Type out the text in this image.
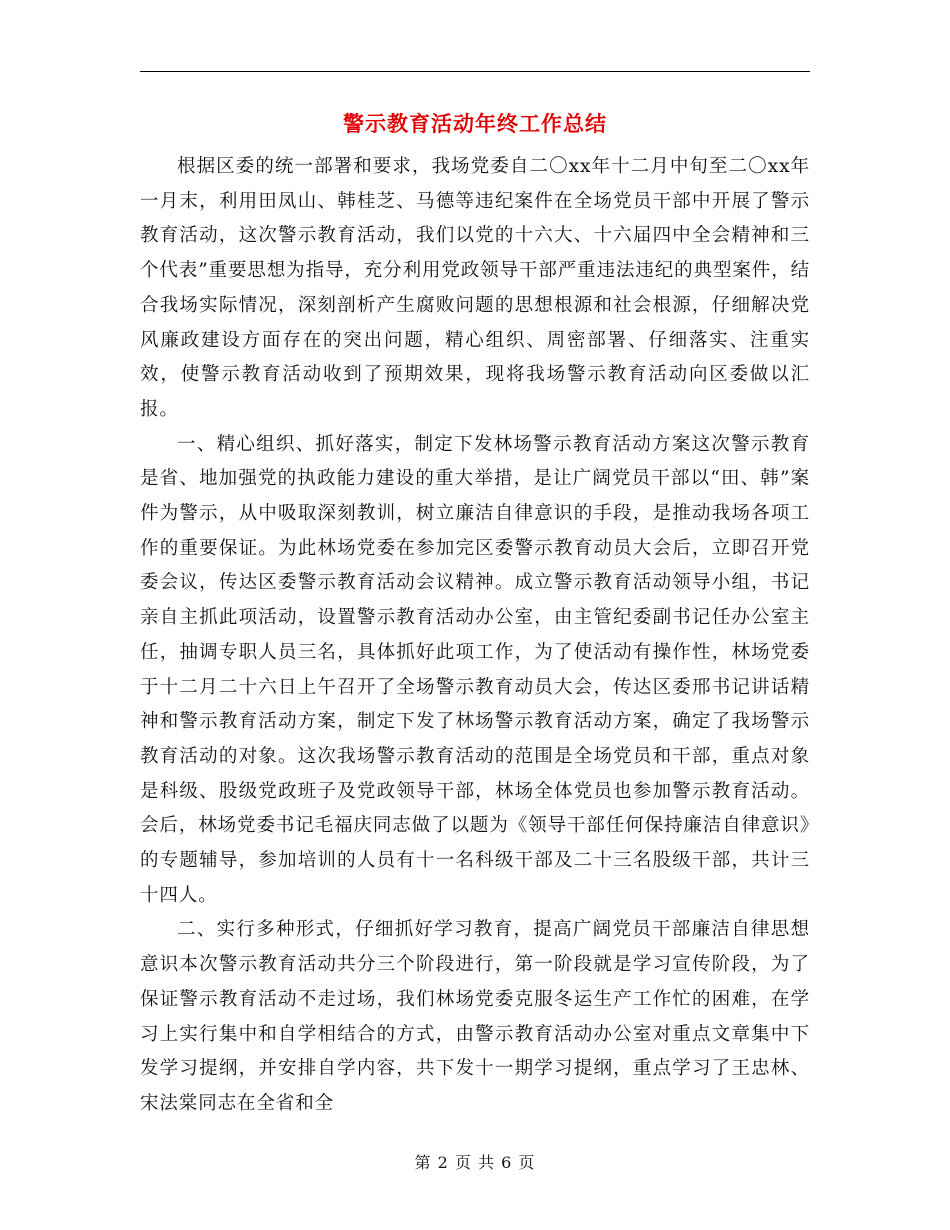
警示教育活动年终工作总结

根据区委的统一部署和要求，我场党委自二〇xx年十二月中旬至二〇xx年一月末，利用田凤山、韩桂芝、马德等违纪案件在全场党员干部中开展了警示教育活动，这次警示教育活动，我们以党的十六大、十六届四中全会精神和三个代表”重要思想为指导，充分利用党政领导干部严重违法违纪的典型案件，结合我场实际情况，深刻剖析产生腐败问题的思想根源和社会根源，仔细解决党风廉政建设方面存在的突出问题，精心组织、周密部署、仔细落实、注重实效，使警示教育活动收到了预期效果，现将我场警示教育活动向区委做以汇报。

一、精心组织、抓好落实，制定下发林场警示教育活动方案这次警示教育是省、地加强党的执政能力建设的重大举措，是让广阔党员干部以“田、韩”案件为警示，从中吸取深刻教训，树立廉洁自律意识的手段，是推动我场各项工作的重要保证。为此林场党委在参加完区委警示教育动员大会后，立即召开党委会议，传达区委警示教育活动会议精神。成立警示教育活动领导小组，书记亲自主抓此项活动，设置警示教育活动办公室，由主管纪委副书记任办公室主任，抽调专职人员三名，具体抓好此项工作，为了使活动有操作性，林场党委于十二月二十六日上午召开了全场警示教育动员大会，传达区委邢书记讲话精神和警示教育活动方案，制定下发了林场警示教育活动方案，确定了我场警示教育活动的对象。这次我场警示教育活动的范围是全场党员和干部，重点对象是科级、股级党政班子及党政领导干部，林场全体党员也参加警示教育活动。会后，林场党委书记毛福庆同志做了以题为《领导干部任何保持廉洁自律意识》的专题辅导，参加培训的人员有十一名科级干部及二十三名股级干部，共计三十四人。

二、实行多种形式，仔细抓好学习教育，提高广阔党员干部廉洁自律思想意识本次警示教育活动共分三个阶段进行，第一阶段就是学习宣传阶段，为了保证警示教育活动不走过场，我们林场党委克服冬运生产工作忙的困难，在学习上实行集中和自学相结合的方式，由警示教育活动办公室对重点文章集中下发学习提纲，并安排自学内容，共下发十一期学习提纲，重点学习了王忠林、宋法棠同志在全省和全

第 2 页 共 6 页
